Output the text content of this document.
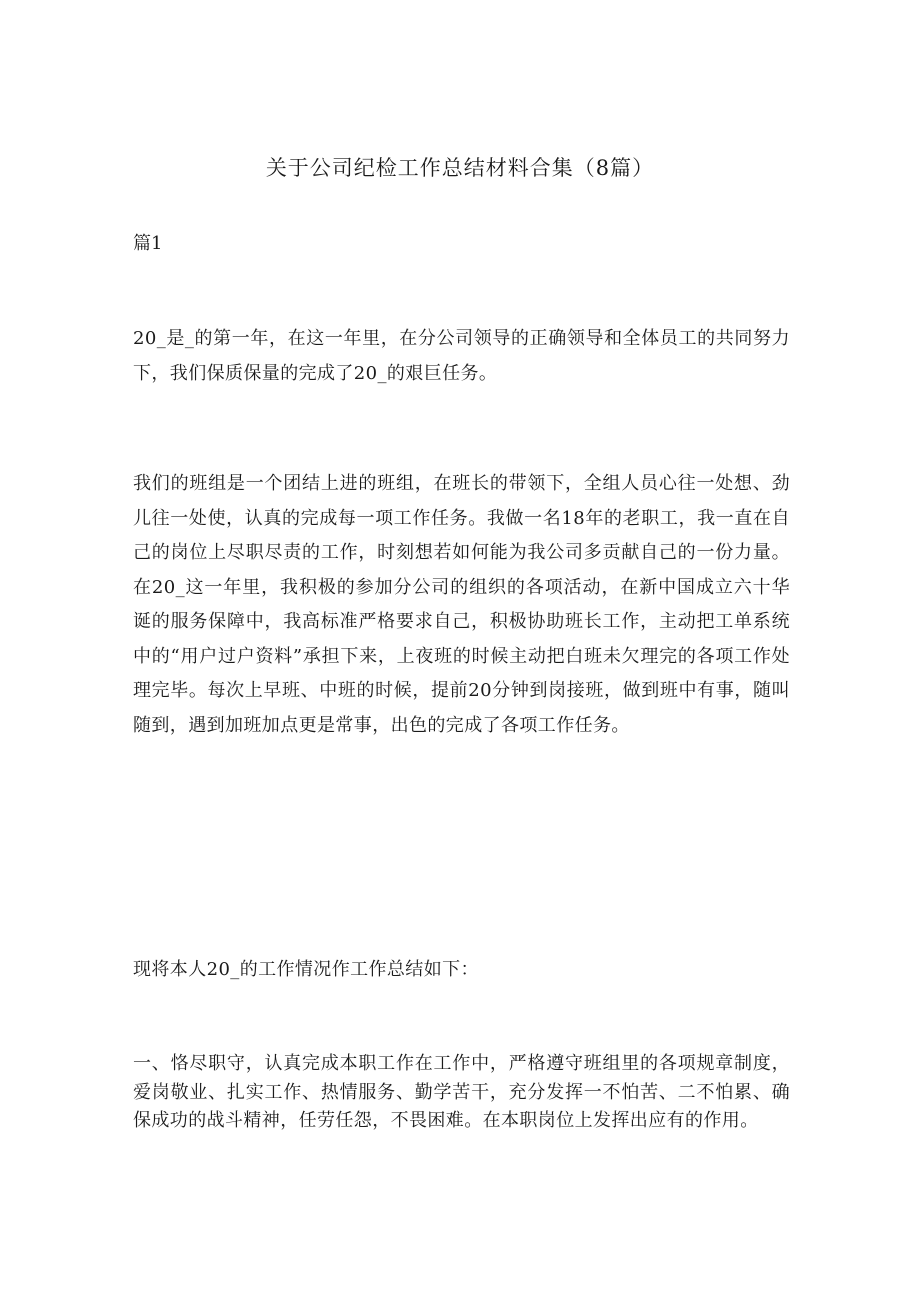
关于公司纪检工作总结材料合集（8篇）
篇1

20_是_的第一年，在这一年里，在分公司领导的正确领导和全体员工的共同努力下，我们保质保量的完成了20_的艰巨任务。

我们的班组是一个团结上进的班组，在班长的带领下，全组人员心往一处想、劲儿往一处使，认真的完成每一项工作任务。我做一名18年的老职工，我一直在自己的岗位上尽职尽责的工作，时刻想若如何能为我公司多贡献自己的一份力量。在20_这一年里，我积极的参加分公司的组织的各项活动，在新中国成立六十华诞的服务保障中，我高标准严格要求自己，积极协助班长工作，主动把工单系统中的“用户过户资料”承担下来，上夜班的时候主动把白班未欠理完的各项工作处理完毕。每次上早班、中班的时候，提前20分钟到岗接班，做到班中有事，随叫随到，遇到加班加点更是常事，出色的完成了各项工作任务。

现将本人20_的工作情况作工作总结如下：

一、恪尽职守，认真完成本职工作在工作中，严格遵守班组里的各项规章制度，爱岗敬业、扎实工作、热情服务、勤学苦干，充分发挥一不怕苦、二不怕累、确保成功的战斗精神，任劳任怨，不畏困难。在本职岗位上发挥出应有的作用。
